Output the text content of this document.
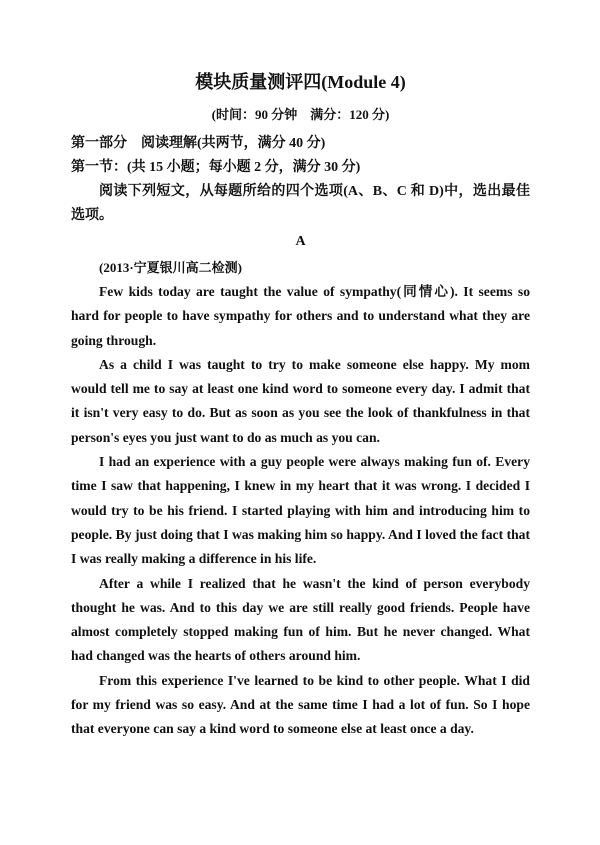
模块质量测评四(Module 4)
(时间：90 分钟　满分：120 分)
第一部分　阅读理解(共两节，满分 40 分)
第一节：(共 15 小题；每小题 2 分，满分 30 分)
阅读下列短文，从每题所给的四个选项(A、B、C 和 D)中，选出最佳选项。
A
(2013·宁夏银川高二检测)
Few kids today are taught the value of sympathy(同情心). It seems so hard for people to have sympathy for others and to understand what they are going through.
As a child I was taught to try to make someone else happy. My mom would tell me to say at least one kind word to someone every day. I admit that it isn't very easy to do. But as soon as you see the look of thankfulness in that person's eyes you just want to do as much as you can.
I had an experience with a guy people were always making fun of. Every time I saw that happening, I knew in my heart that it was wrong. I decided I would try to be his friend. I started playing with him and introducing him to people. By just doing that I was making him so happy. And I loved the fact that I was really making a difference in his life.
After a while I realized that he wasn't the kind of person everybody thought he was. And to this day we are still really good friends. People have almost completely stopped making fun of him. But he never changed. What had changed was the hearts of others around him.
From this experience I've learned to be kind to other people. What I did for my friend was so easy. And at the same time I had a lot of fun. So I hope that everyone can say a kind word to someone else at least once a day.
